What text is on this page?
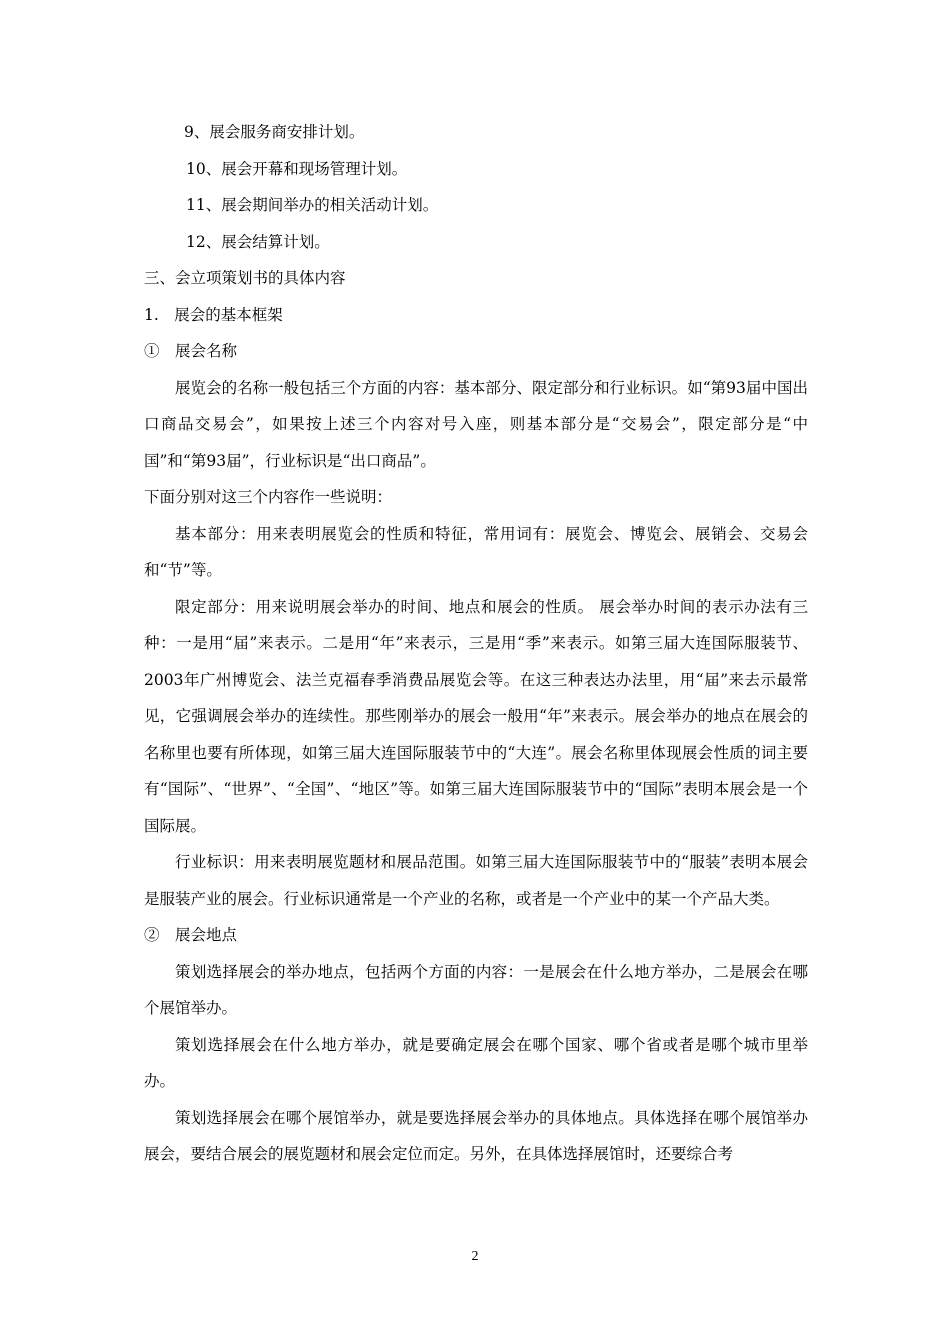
9、展会服务商安排计划。
10、展会开幕和现场管理计划。
11、展会期间举办的相关活动计划。
12、展会结算计划。
三、会立项策划书的具体内容
1.　展会的基本框架
①　展会名称

展览会的名称一般包括三个方面的内容：基本部分、限定部分和行业标识。如“第93届中国出口商品交易会”，如果按上述三个内容对号入座，则基本部分是“交易会”，限定部分是“中国”和“第93届”，行业标识是“出口商品”。

下面分别对这三个内容作一些说明：

基本部分：用来表明展览会的性质和特征，常用词有：展览会、博览会、展销会、交易会和“节”等。

限定部分：用来说明展会举办的时间、地点和展会的性质。 展会举办时间的表示办法有三种：一是用“届”来表示。二是用“年”来表示，三是用“季”来表示。如第三届大连国际服装节、2003年广州博览会、法兰克福春季消费品展览会等。在这三种表达办法里，用“届”来去示最常见，它强调展会举办的连续性。那些刚举办的展会一般用“年”来表示。展会举办的地点在展会的名称里也要有所体现，如第三届大连国际服装节中的“大连”。展会名称里体现展会性质的词主要有“国际”、“世界”、“全国”、“地区”等。如第三届大连国际服装节中的“国际”表明本展会是一个国际展。

行业标识：用来表明展览题材和展品范围。如第三届大连国际服装节中的“服装”表明本展会是服装产业的展会。行业标识通常是一个产业的名称，或者是一个产业中的某一个产品大类。

②　展会地点

策划选择展会的举办地点，包括两个方面的内容：一是展会在什么地方举办，二是展会在哪个展馆举办。

策划选择展会在什么地方举办，就是要确定展会在哪个国家、哪个省或者是哪个城市里举办。

策划选择展会在哪个展馆举办，就是要选择展会举办的具体地点。具体选择在哪个展馆举办展会，要结合展会的展览题材和展会定位而定。另外，在具体选择展馆时，还要综合考

2
